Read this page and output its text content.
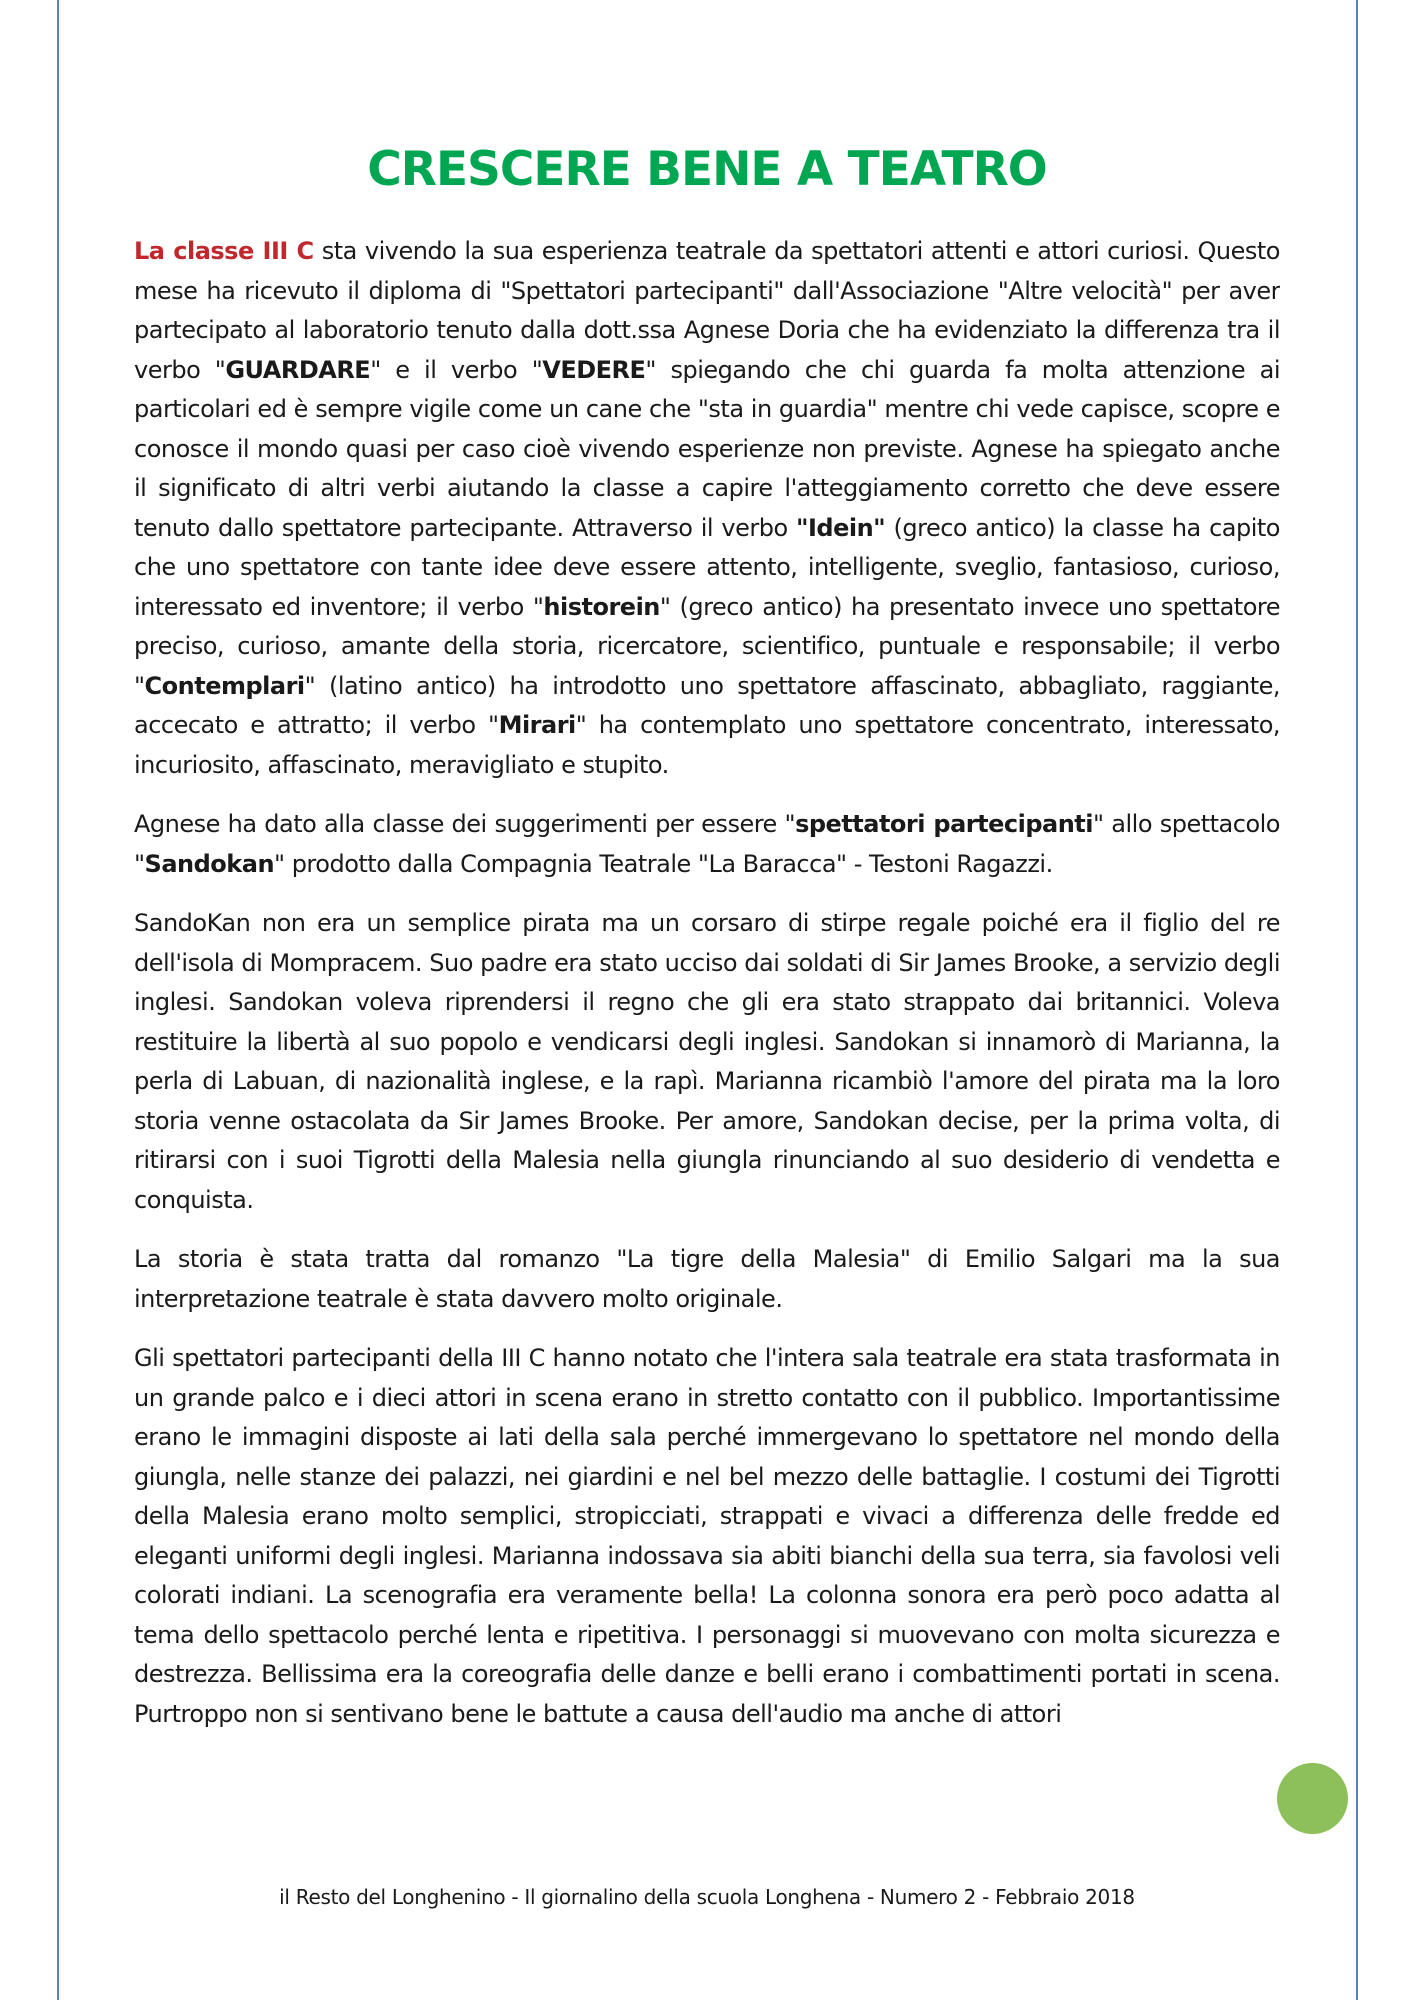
CRESCERE BENE A TEATRO

La classe III C sta vivendo la sua esperienza teatrale da spettatori attenti e attori curiosi. Questo mese ha ricevuto il diploma di "Spettatori partecipanti" dall'Associazione "Altre velocità" per aver partecipato al laboratorio tenuto dalla dott.ssa Agnese Doria che ha evidenziato la differenza tra il verbo "GUARDARE" e il verbo "VEDERE" spiegando che chi guarda fa molta attenzione ai particolari ed è sempre vigile come un cane che "sta in guardia" mentre chi vede capisce, scopre e conosce il mondo quasi per caso cioè vivendo esperienze non previste. Agnese ha spiegato anche il significato di altri verbi aiutando la classe a capire l'atteggiamento corretto che deve essere tenuto dallo spettatore partecipante. Attraverso il verbo "Idein" (greco antico) la classe ha capito che uno spettatore con tante idee deve essere attento, intelligente, sveglio, fantasioso, curioso, interessato ed inventore; il verbo "historein" (greco antico) ha presentato invece uno spettatore preciso, curioso, amante della storia, ricercatore, scientifico, puntuale e responsabile; il verbo "Contemplari" (latino antico) ha introdotto uno spettatore affascinato, abbagliato, raggiante, accecato e attratto; il verbo "Mirari" ha contemplato uno spettatore concentrato, interessato, incuriosito, affascinato, meravigliato e stupito.

Agnese ha dato alla classe dei suggerimenti per essere "spettatori partecipanti" allo spettacolo "Sandokan" prodotto dalla Compagnia Teatrale "La Baracca" - Testoni Ragazzi.

SandoKan non era un semplice pirata ma un corsaro di stirpe regale poiché era il figlio del re dell'isola di Mompracem. Suo padre era stato ucciso dai soldati di Sir James Brooke, a servizio degli inglesi. Sandokan voleva riprendersi il regno che gli era stato strappato dai britannici. Voleva restituire la libertà al suo popolo e vendicarsi degli inglesi. Sandokan si innamorò di Marianna, la perla di Labuan, di nazionalità inglese, e la rapì. Marianna ricambiò l'amore del pirata ma la loro storia venne ostacolata da Sir James Brooke. Per amore, Sandokan decise, per la prima volta, di ritirarsi con i suoi Tigrotti della Malesia nella giungla rinunciando al suo desiderio di vendetta e conquista.

La storia è stata tratta dal romanzo "La tigre della Malesia" di Emilio Salgari ma la sua interpretazione teatrale è stata davvero molto originale.

Gli spettatori partecipanti della III C hanno notato che l'intera sala teatrale era stata trasformata in un grande palco e i dieci attori in scena erano in stretto contatto con il pubblico. Importantissime erano le immagini disposte ai lati della sala perché immergevano lo spettatore nel mondo della giungla, nelle stanze dei palazzi, nei giardini e nel bel mezzo delle battaglie. I costumi dei Tigrotti della Malesia erano molto semplici, stropicciati, strappati e vivaci a differenza delle fredde ed eleganti uniformi degli inglesi. Marianna indossava sia abiti bianchi della sua terra, sia favolosi veli colorati indiani. La scenografia era veramente bella! La colonna sonora era però poco adatta al tema dello spettacolo perché lenta e ripetitiva. I personaggi si muovevano con molta sicurezza e destrezza. Bellissima era la coreografia delle danze e belli erano i combattimenti portati in scena. Purtroppo non si sentivano bene le battute a causa dell'audio ma anche di attori

il Resto del Longhenino - Il giornalino della scuola Longhena - Numero 2 - Febbraio 2018
